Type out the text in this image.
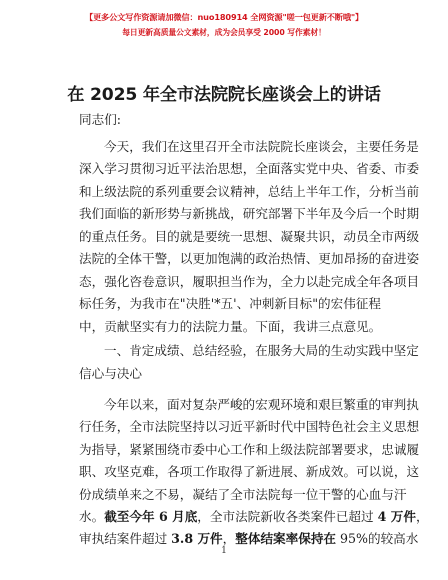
【更多公文写作资源请加微信：nuo180914 全网资源"嗟一包更新不断哦"】
每日更新高质量公文素材，成为会员享受 2000 写作素材！
在 2025 年全市法院院长座谈会上的讲话
同志们:
今天，我们在这里召开全市法院院长座谈会，主要任务是
深入学习贯彻习近平法治思想，全面落实党中央、省委、市委
和上级法院的系列重要会议精神，总结上半年工作，分析当前
我们面临的新形势与新挑战，研究部署下半年及今后一个时期
的重点任务。目的就是要统一思想、凝聚共识，动员全市两级
法院的全体干警，以更加饱满的政治热情、更加昂扬的奋进姿
态，强化咨卷意识，履职担当作为，全力以赴完成全年各项目
标任务，为我市在"决胜'*五'、冲刺新目标"的宏伟征程
中，贡献坚实有力的法院力量。下面，我讲三点意见。
一、肯定成绩、总结经验，在服务大局的生动实践中坚定
信心与决心
今年以来，面对复杂严峻的宏观环境和艰巨繁重的审判执
行任务，全市法院坚持以习近平新时代中国特色社会主义思想
为指导，紧紧围绕市委中心工作和上级法院部署要求，忠诚履
职、攻坚克难，各项工作取得了新进展、新成效。可以说，这
份成绩单来之不易，凝结了全市法院每一位干警的心血与汗
水。截至今年 6 月底，全市法院新收各类案件已超过 4 万件，
审执结案件超过 3.8 万件，整体结案率保持在 95%的较高水
1
